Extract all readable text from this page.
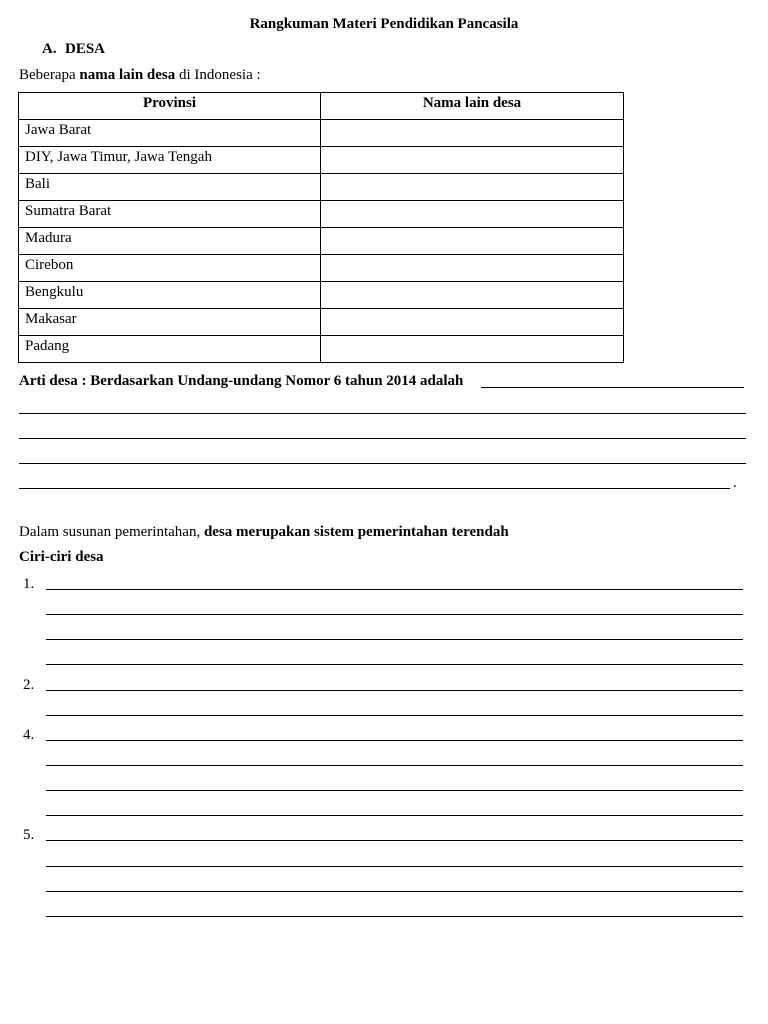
Rangkuman Materi Pendidikan Pancasila
A. DESA
Beberapa nama lain desa di Indonesia :
Provinsi	Nama lain desa
Jawa Barat	
DIY, Jawa Timur, Jawa Tengah	
Bali	
Sumatra Barat	
Madura	
Cirebon	
Bengkulu	
Makasar	
Padang	
Arti desa : Berdasarkan Undang-undang Nomor 6 tahun 2014 adalah
.
Dalam susunan pemerintahan, desa merupakan sistem pemerintahan terendah
Ciri-ciri desa
1.
2.
4.
5.
